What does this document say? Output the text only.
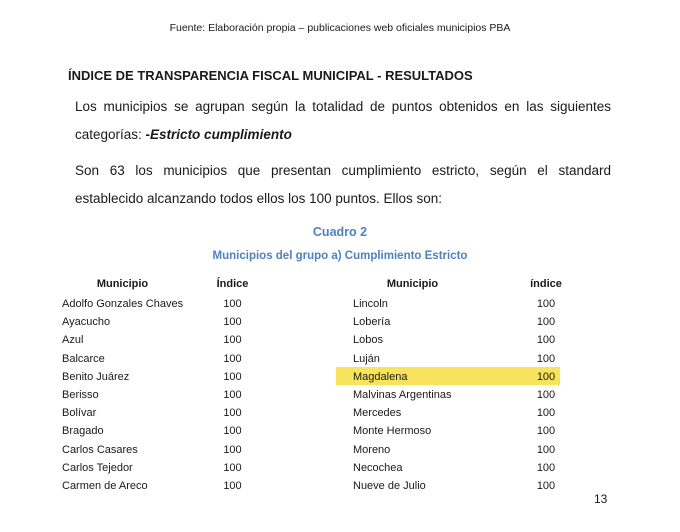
Fuente: Elaboración propia – publicaciones web oficiales municipios PBA
ÍNDICE DE TRANSPARENCIA FISCAL MUNICIPAL - RESULTADOS
Los municipios se agrupan según la totalidad de puntos obtenidos en las siguientes categorías: -Estricto cumplimiento
Son 63 los municipios que presentan cumplimiento estricto, según el standard establecido alcanzando todos ellos los 100 puntos. Ellos son:
Cuadro 2
Municipios del grupo a) Cumplimiento Estricto
Municipio	Índice	Municipio	índice
Adolfo Gonzales Chaves	100	Lincoln	100
Ayacucho	100	Lobería	100
Azul	100	Lobos	100
Balcarce	100	Luján	100
Benito Juárez	100	Magdalena	100
Berisso	100	Malvinas Argentinas	100
Bolívar	100	Mercedes	100
Bragado	100	Monte Hermoso	100
Carlos Casares	100	Moreno	100
Carlos Tejedor	100	Necochea	100
Carmen de Areco	100	Nueve de Julio	100
13
